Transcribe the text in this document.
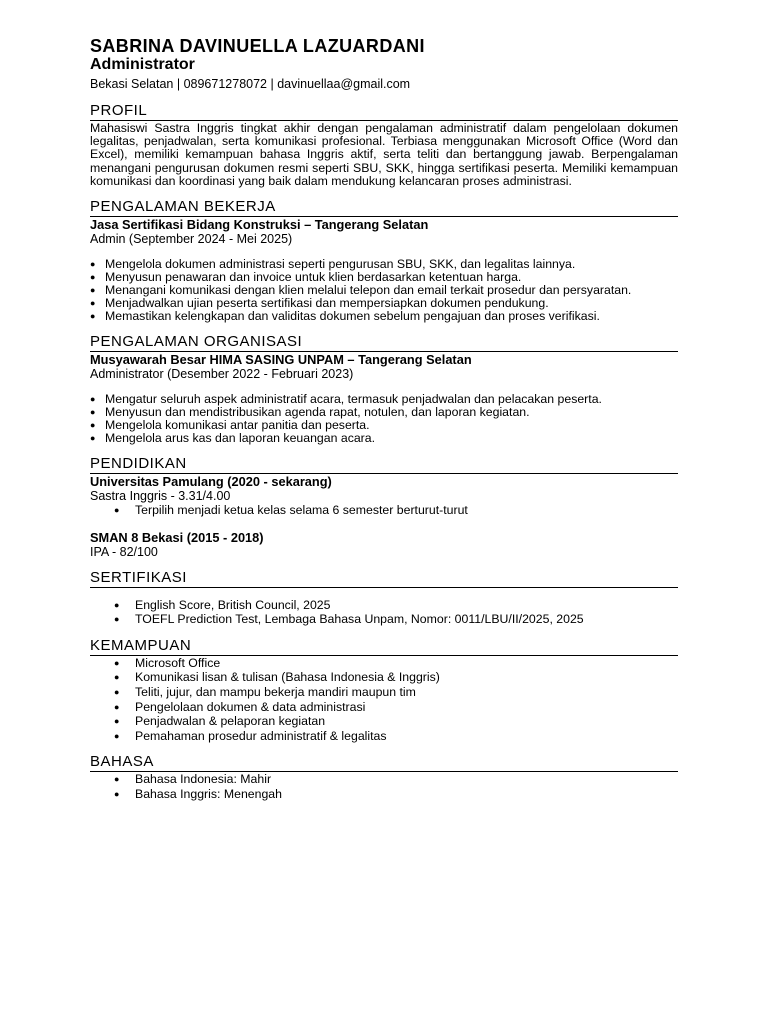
SABRINA DAVINUELLA LAZUARDANI
Administrator
Bekasi Selatan | 089671278072 | davinuellaa@gmail.com
PROFIL
Mahasiswi Sastra Inggris tingkat akhir dengan pengalaman administratif dalam pengelolaan dokumen legalitas, penjadwalan, serta komunikasi profesional. Terbiasa menggunakan Microsoft Office (Word dan Excel), memiliki kemampuan bahasa Inggris aktif, serta teliti dan bertanggung jawab. Berpengalaman menangani pengurusan dokumen resmi seperti SBU, SKK, hingga sertifikasi peserta. Memiliki kemampuan komunikasi dan koordinasi yang baik dalam mendukung kelancaran proses administrasi.
PENGALAMAN BEKERJA
Jasa Sertifikasi Bidang Konstruksi – Tangerang Selatan
Admin (September 2024 - Mei 2025)
● Mengelola dokumen administrasi seperti pengurusan SBU, SKK, dan legalitas lainnya.
● Menyusun penawaran dan invoice untuk klien berdasarkan ketentuan harga.
● Menangani komunikasi dengan klien melalui telepon dan email terkait prosedur dan persyaratan.
● Menjadwalkan ujian peserta sertifikasi dan mempersiapkan dokumen pendukung.
● Memastikan kelengkapan dan validitas dokumen sebelum pengajuan dan proses verifikasi.
PENGALAMAN ORGANISASI
Musyawarah Besar HIMA SASING UNPAM – Tangerang Selatan
Administrator (Desember 2022 - Februari 2023)
● Mengatur seluruh aspek administratif acara, termasuk penjadwalan dan pelacakan peserta.
● Menyusun dan mendistribusikan agenda rapat, notulen, dan laporan kegiatan.
● Mengelola komunikasi antar panitia dan peserta.
● Mengelola arus kas dan laporan keuangan acara.
PENDIDIKAN
Universitas Pamulang (2020 - sekarang)
Sastra Inggris - 3.31/4.00
● Terpilih menjadi ketua kelas selama 6 semester berturut-turut
SMAN 8 Bekasi (2015 - 2018)
IPA - 82/100
SERTIFIKASI
● English Score, British Council, 2025
● TOEFL Prediction Test, Lembaga Bahasa Unpam, Nomor: 0011/LBU/II/2025, 2025
KEMAMPUAN
● Microsoft Office
● Komunikasi lisan & tulisan (Bahasa Indonesia & Inggris)
● Teliti, jujur, dan mampu bekerja mandiri maupun tim
● Pengelolaan dokumen & data administrasi
● Penjadwalan & pelaporan kegiatan
● Pemahaman prosedur administratif & legalitas
BAHASA
● Bahasa Indonesia: Mahir
● Bahasa Inggris: Menengah
